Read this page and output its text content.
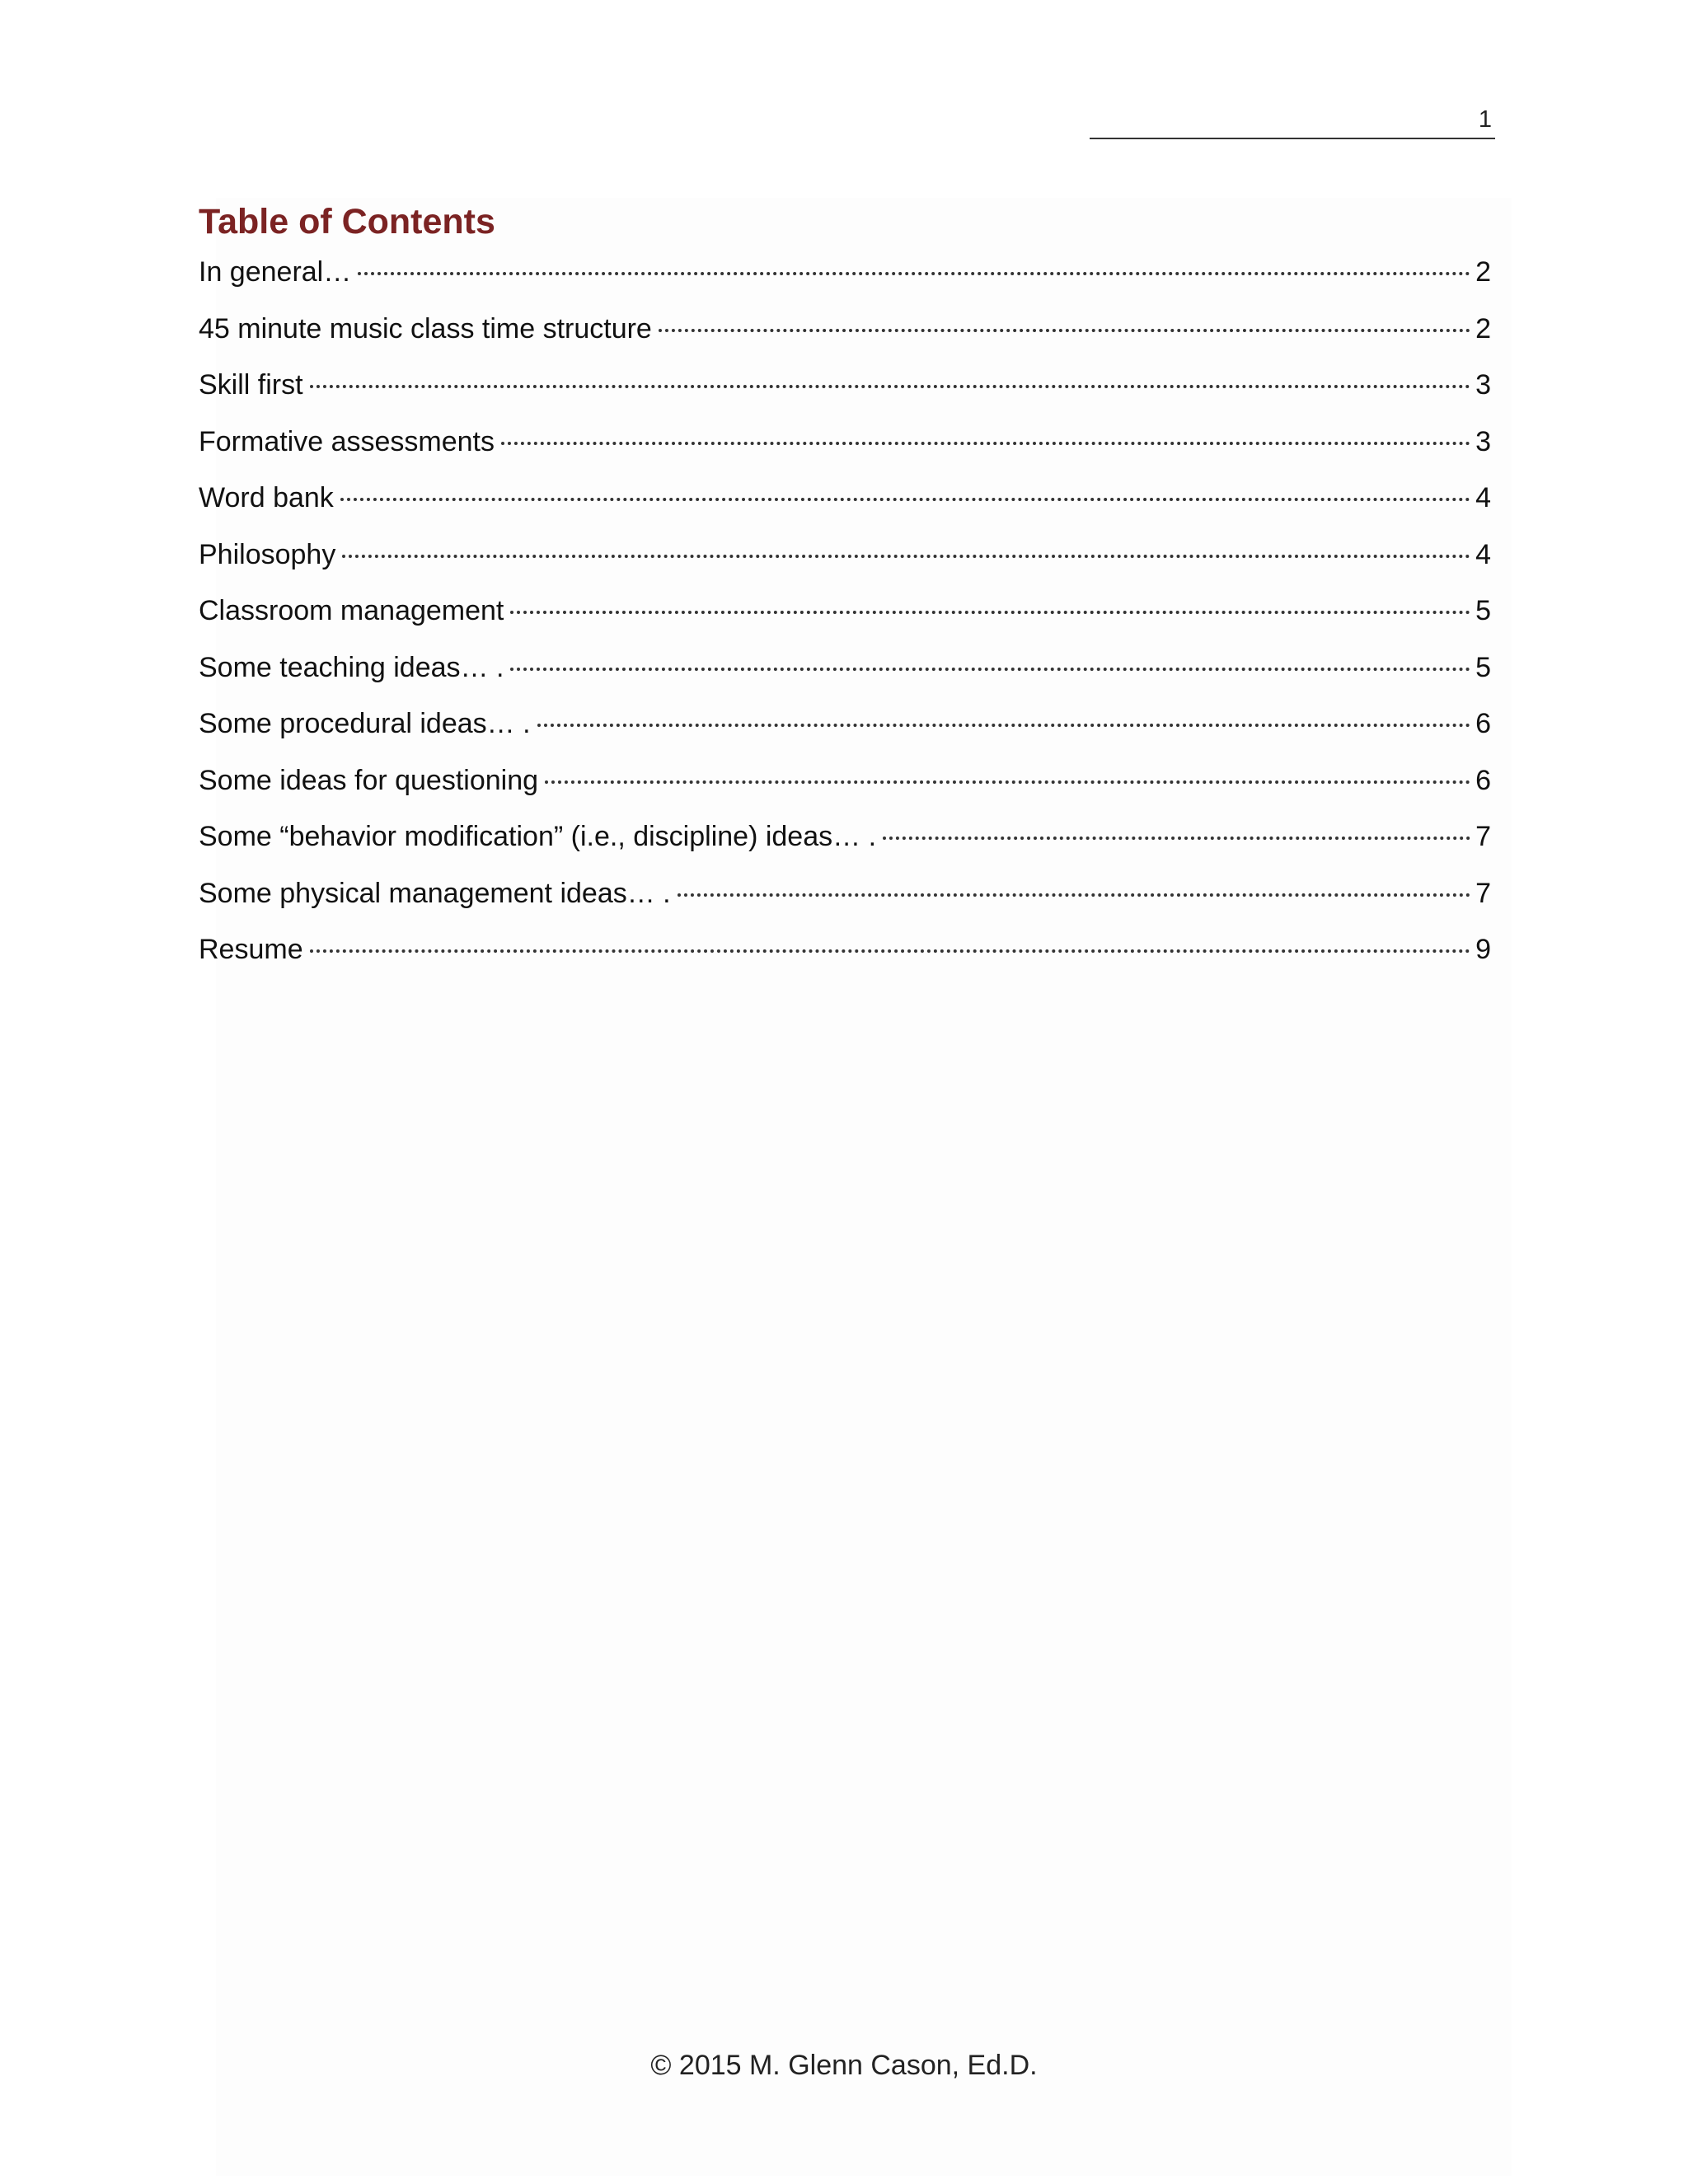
1
Table of Contents
In general…	2
45 minute music class time structure	2
Skill first	3
Formative assessments	3
Word bank	4
Philosophy	4
Classroom management	5
Some teaching ideas… .	5
Some procedural ideas… .	6
Some ideas for questioning	6
Some “behavior modification” (i.e., discipline) ideas… .	7
Some physical management ideas… .	7
Resume	9
© 2015 M. Glenn Cason, Ed.D.
